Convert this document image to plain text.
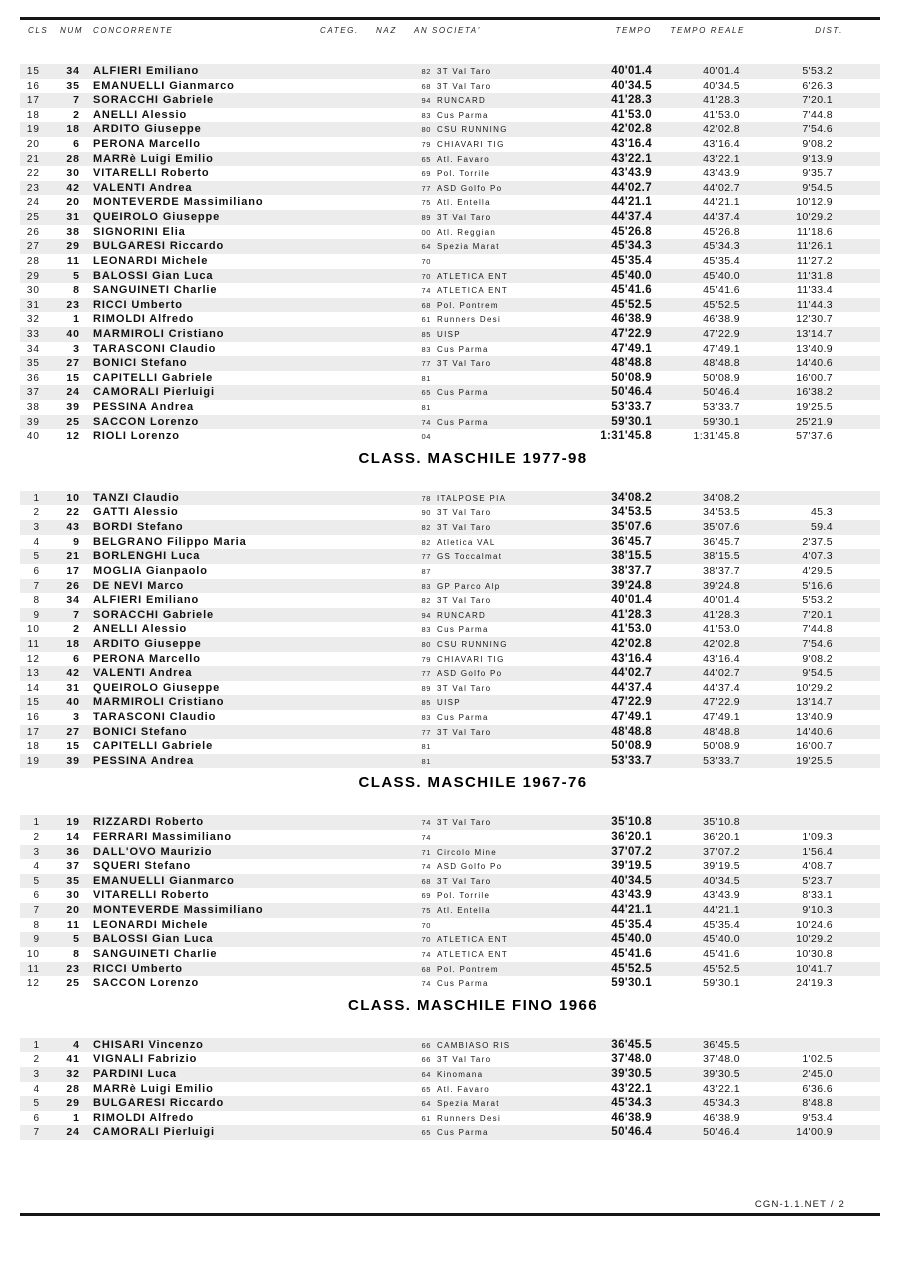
CLS NUM CONCORRENTE	CATEG. NAZ AN SOCIETA'	TEMPO TEMPO REALE	DIST.
15	34	ALFIERI Emiliano	82 3T Val Taro	40'01.4	40'01.4	5'53.2
16	35	EMANUELLI Gianmarco	68 3T Val Taro	40'34.5	40'34.5	6'26.3
17	7	SORACCHI Gabriele	94 RUNCARD	41'28.3	41'28.3	7'20.1
18	2	ANELLI Alessio	83 Cus Parma	41'53.0	41'53.0	7'44.8
19	18	ARDITO Giuseppe	80 CSU RUNNING	42'02.8	42'02.8	7'54.6
20	6	PERONA Marcello	79 CHIAVARI TIG	43'16.4	43'16.4	9'08.2
21	28	MARRè Luigi Emilio	65 Atl. Favaro	43'22.1	43'22.1	9'13.9
22	30	VITARELLI Roberto	69 Pol. Torrile	43'43.9	43'43.9	9'35.7
23	42	VALENTI Andrea	77 ASD Golfo Po	44'02.7	44'02.7	9'54.5
24	20	MONTEVERDE Massimiliano	75 Atl. Entella	44'21.1	44'21.1	10'12.9
25	31	QUEIROLO Giuseppe	89 3T Val Taro	44'37.4	44'37.4	10'29.2
26	38	SIGNORINI Elia	00 Atl. Reggian	45'26.8	45'26.8	11'18.6
27	29	BULGARESI Riccardo	64 Spezia Marat	45'34.3	45'34.3	11'26.1
28	11	LEONARDI Michele	70	45'35.4	45'35.4	11'27.2
29	5	BALOSSI Gian Luca	70 ATLETICA ENT	45'40.0	45'40.0	11'31.8
30	8	SANGUINETI Charlie	74 ATLETICA ENT	45'41.6	45'41.6	11'33.4
31	23	RICCI Umberto	68 Pol. Pontrem	45'52.5	45'52.5	11'44.3
32	1	RIMOLDI Alfredo	61 Runners Desi	46'38.9	46'38.9	12'30.7
33	40	MARMIROLI Cristiano	85 UISP	47'22.9	47'22.9	13'14.7
34	3	TARASCONI Claudio	83 Cus Parma	47'49.1	47'49.1	13'40.9
35	27	BONICI Stefano	77 3T Val Taro	48'48.8	48'48.8	14'40.6
36	15	CAPITELLI Gabriele	81	50'08.9	50'08.9	16'00.7
37	24	CAMORALI Pierluigi	65 Cus Parma	50'46.4	50'46.4	16'38.2
38	39	PESSINA Andrea	81	53'33.7	53'33.7	19'25.5
39	25	SACCON Lorenzo	74 Cus Parma	59'30.1	59'30.1	25'21.9
40	12	RIOLI Lorenzo	04	1:31'45.8	1:31'45.8	57'37.6
CLASS. MASCHILE 1977-98
1	10	TANZI Claudio	78 ITALPOSE PIA	34'08.2	34'08.2
2	22	GATTI Alessio	90 3T Val Taro	34'53.5	34'53.5	45.3
3	43	BORDI Stefano	82 3T Val Taro	35'07.6	35'07.6	59.4
4	9	BELGRANO Filippo Maria	82 Atletica VAL	36'45.7	36'45.7	2'37.5
5	21	BORLENGHI Luca	77 GS Toccalmat	38'15.5	38'15.5	4'07.3
6	17	MOGLIA Gianpaolo	87	38'37.7	38'37.7	4'29.5
7	26	DE NEVI Marco	83 GP Parco Alp	39'24.8	39'24.8	5'16.6
8	34	ALFIERI Emiliano	82 3T Val Taro	40'01.4	40'01.4	5'53.2
9	7	SORACCHI Gabriele	94 RUNCARD	41'28.3	41'28.3	7'20.1
10	2	ANELLI Alessio	83 Cus Parma	41'53.0	41'53.0	7'44.8
11	18	ARDITO Giuseppe	80 CSU RUNNING	42'02.8	42'02.8	7'54.6
12	6	PERONA Marcello	79 CHIAVARI TIG	43'16.4	43'16.4	9'08.2
13	42	VALENTI Andrea	77 ASD Golfo Po	44'02.7	44'02.7	9'54.5
14	31	QUEIROLO Giuseppe	89 3T Val Taro	44'37.4	44'37.4	10'29.2
15	40	MARMIROLI Cristiano	85 UISP	47'22.9	47'22.9	13'14.7
16	3	TARASCONI Claudio	83 Cus Parma	47'49.1	47'49.1	13'40.9
17	27	BONICI Stefano	77 3T Val Taro	48'48.8	48'48.8	14'40.6
18	15	CAPITELLI Gabriele	81	50'08.9	50'08.9	16'00.7
19	39	PESSINA Andrea	81	53'33.7	53'33.7	19'25.5
CLASS. MASCHILE 1967-76
1	19	RIZZARDI Roberto	74 3T Val Taro	35'10.8	35'10.8
2	14	FERRARI Massimiliano	74	36'20.1	36'20.1	1'09.3
3	36	DALL'OVO Maurizio	71 Circolo Mine	37'07.2	37'07.2	1'56.4
4	37	SQUERI Stefano	74 ASD Golfo Po	39'19.5	39'19.5	4'08.7
5	35	EMANUELLI Gianmarco	68 3T Val Taro	40'34.5	40'34.5	5'23.7
6	30	VITARELLI Roberto	69 Pol. Torrile	43'43.9	43'43.9	8'33.1
7	20	MONTEVERDE Massimiliano	75 Atl. Entella	44'21.1	44'21.1	9'10.3
8	11	LEONARDI Michele	70	45'35.4	45'35.4	10'24.6
9	5	BALOSSI Gian Luca	70 ATLETICA ENT	45'40.0	45'40.0	10'29.2
10	8	SANGUINETI Charlie	74 ATLETICA ENT	45'41.6	45'41.6	10'30.8
11	23	RICCI Umberto	68 Pol. Pontrem	45'52.5	45'52.5	10'41.7
12	25	SACCON Lorenzo	74 Cus Parma	59'30.1	59'30.1	24'19.3
CLASS. MASCHILE FINO 1966
1	4	CHISARI Vincenzo	66 CAMBIASO RIS	36'45.5	36'45.5
2	41	VIGNALI Fabrizio	66 3T Val Taro	37'48.0	37'48.0	1'02.5
3	32	PARDINI Luca	64 Kinomana	39'30.5	39'30.5	2'45.0
4	28	MARRè Luigi Emilio	65 Atl. Favaro	43'22.1	43'22.1	6'36.6
5	29	BULGARESI Riccardo	64 Spezia Marat	45'34.3	45'34.3	8'48.8
6	1	RIMOLDI Alfredo	61 Runners Desi	46'38.9	46'38.9	9'53.4
7	24	CAMORALI Pierluigi	65 Cus Parma	50'46.4	50'46.4	14'00.9
CGN-1.1.NET / 2
